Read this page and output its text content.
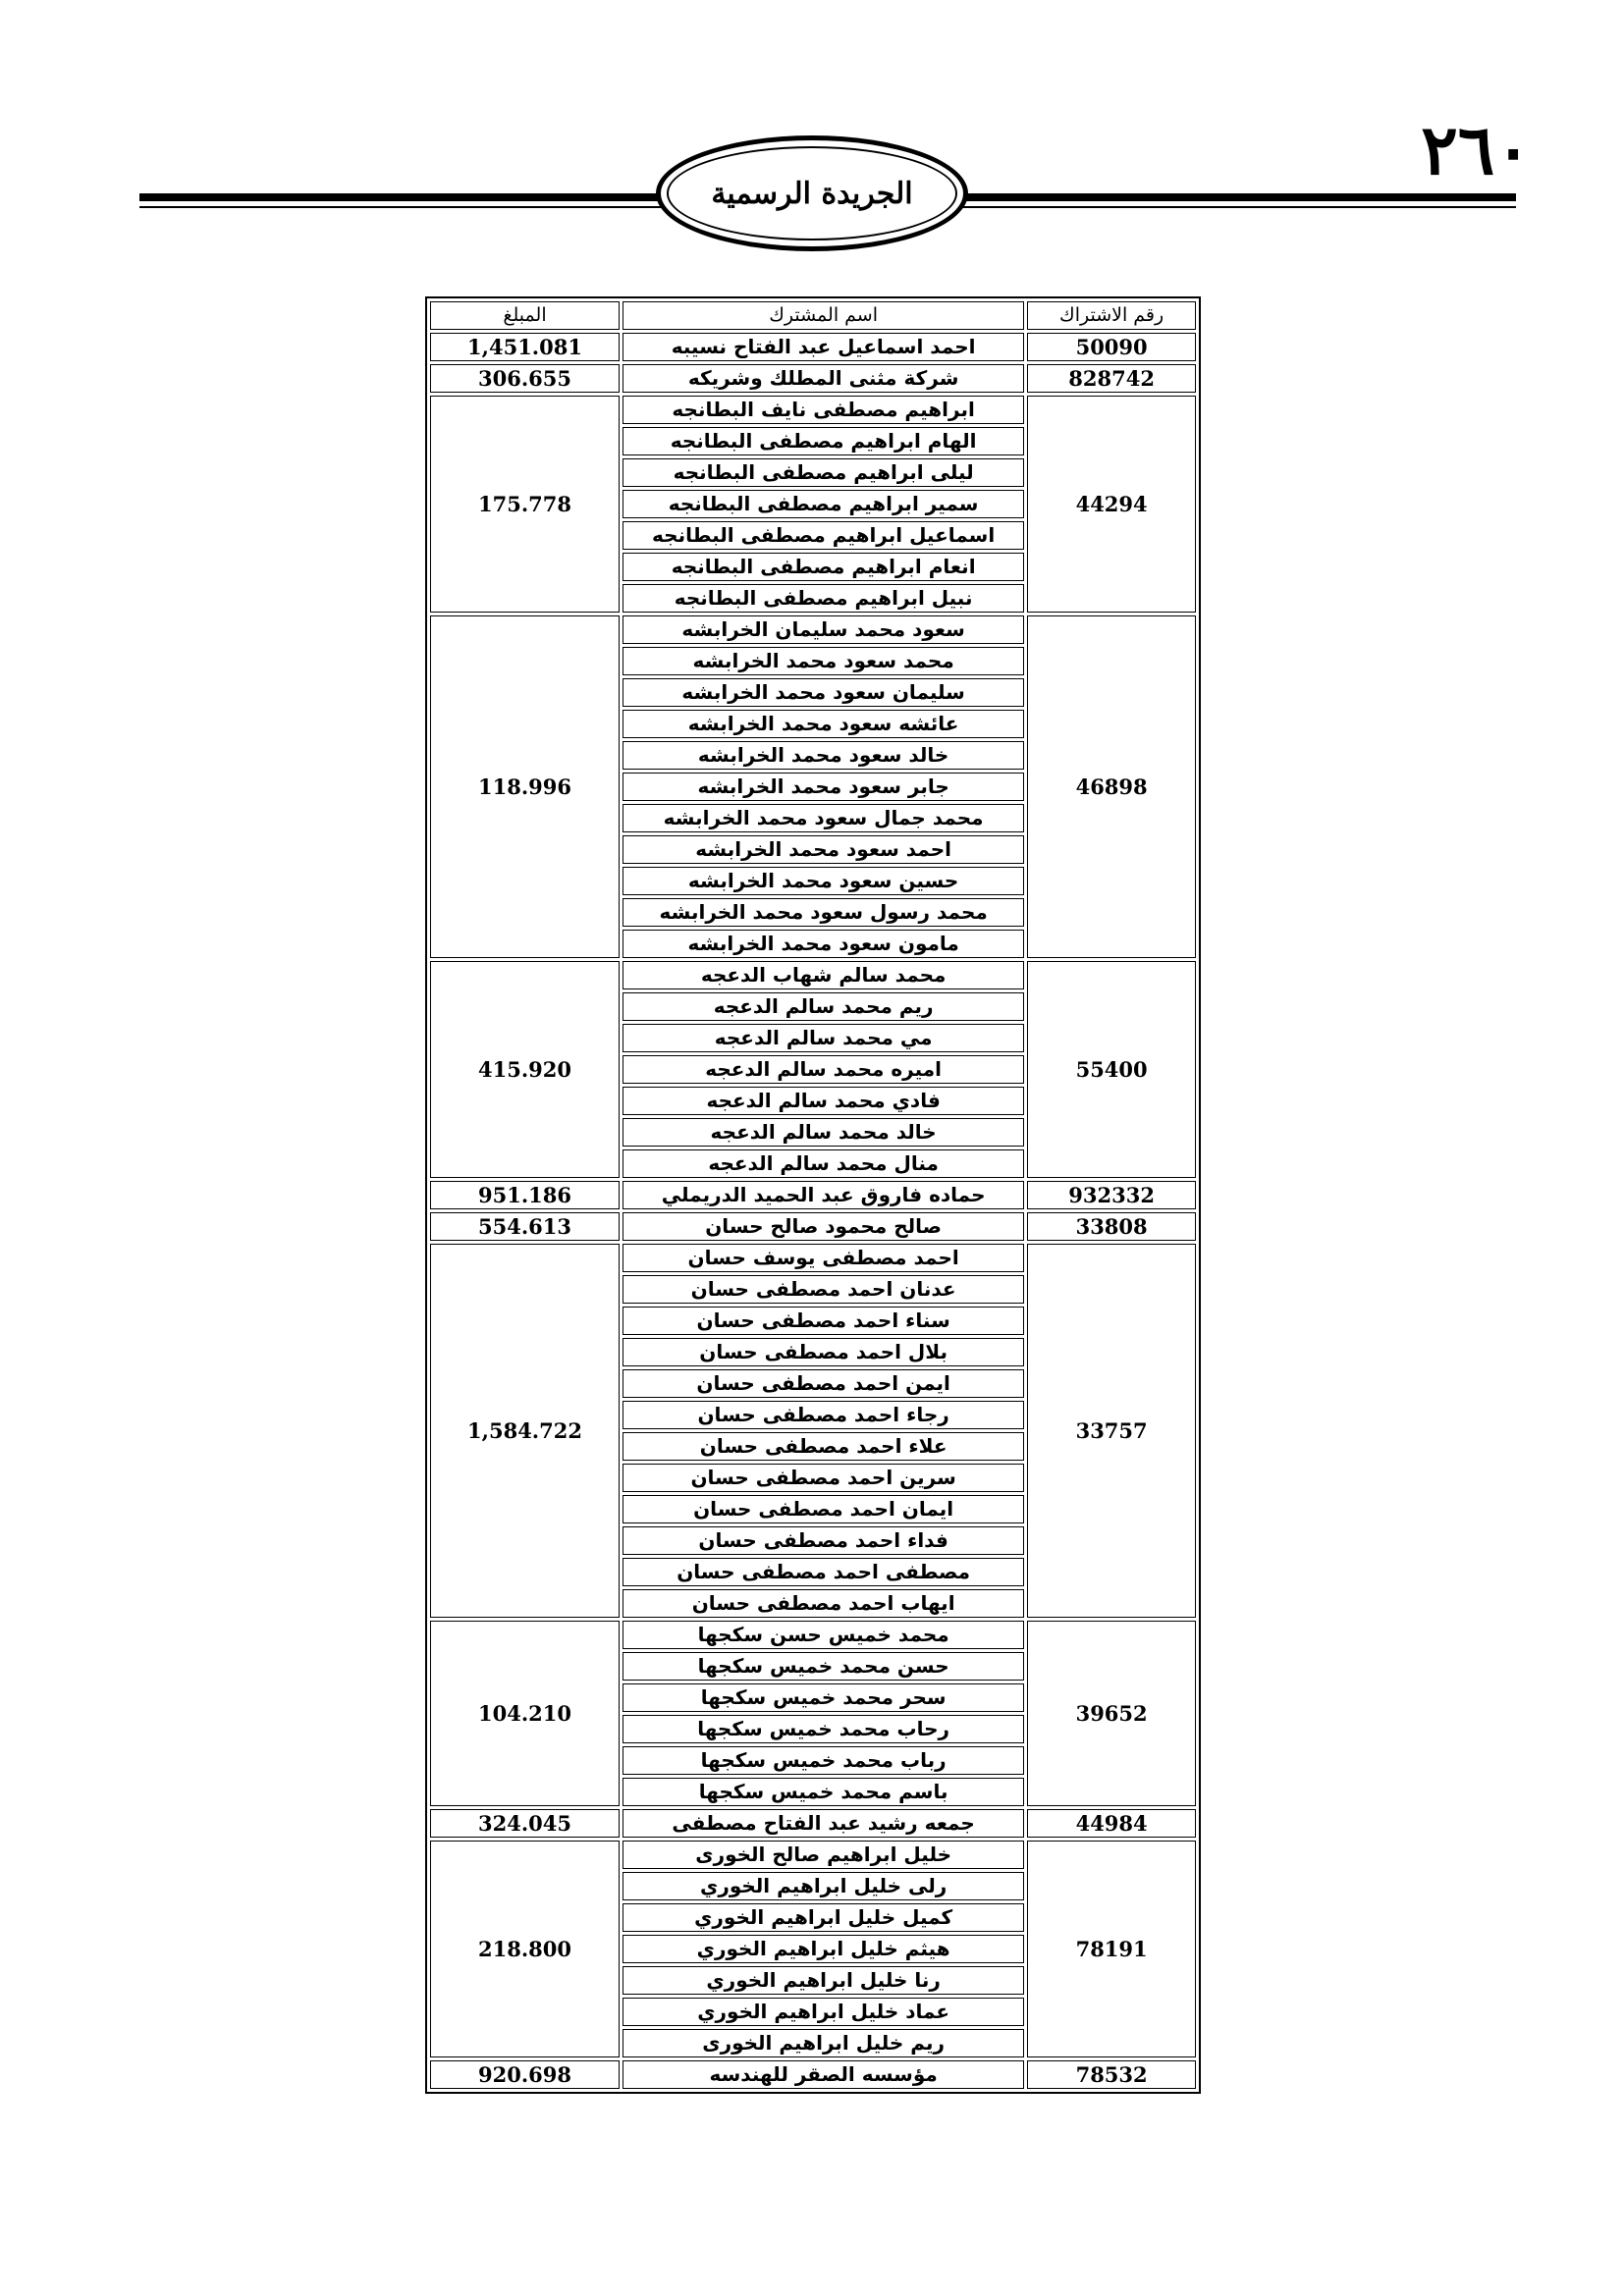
٢٦٠
الجريدة الرسمية
رقم الاشتراك	اسم المشترك	المبلغ
50090	احمد اسماعيل عبد الفتاح نسيبه	1,451.081
828742	شركة مثنى المطلك وشريكه	306.655
44294	ابراهيم مصطفى نايف البطانجه	175.778
	الهام ابراهيم مصطفى البطانجه	
	ليلى ابراهيم مصطفى البطانجه	
	سمير ابراهيم مصطفى البطانجه	
	اسماعيل ابراهيم مصطفى البطانجه	
	انعام ابراهيم مصطفى البطانجه	
	نبيل ابراهيم مصطفى البطانجه	
46898	سعود محمد سليمان الخرابشه	118.996
	محمد سعود محمد الخرابشه	
	سليمان سعود محمد الخرابشه	
	عائشه سعود محمد الخرابشه	
	خالد سعود محمد الخرابشه	
	جابر سعود محمد الخرابشه	
	محمد جمال سعود محمد الخرابشه	
	احمد سعود محمد الخرابشه	
	حسين سعود محمد الخرابشه	
	محمد رسول سعود محمد الخرابشه	
	مامون سعود محمد الخرابشه	
55400	محمد سالم شهاب الدعجه	415.920
	ريم محمد سالم الدعجه	
	مي محمد سالم الدعجه	
	اميره محمد سالم الدعجه	
	فادي محمد سالم الدعجه	
	خالد محمد سالم الدعجه	
	منال محمد سالم الدعجه	
932332	حماده فاروق عبد الحميد الدريملي	951.186
33808	صالح محمود صالح حسان	554.613
33757	احمد مصطفى يوسف حسان	1,584.722
	عدنان احمد مصطفى حسان	
	سناء احمد مصطفى حسان	
	بلال احمد مصطفى حسان	
	ايمن احمد مصطفى حسان	
	رجاء احمد مصطفى حسان	
	علاء احمد مصطفى حسان	
	سرين احمد مصطفى حسان	
	ايمان احمد مصطفى حسان	
	فداء احمد مصطفى حسان	
	مصطفى احمد مصطفى حسان	
	ايهاب احمد مصطفى حسان	
39652	محمد خميس حسن سكجها	104.210
	حسن محمد خميس سكجها	
	سحر محمد خميس سكجها	
	رحاب محمد خميس سكجها	
	رباب محمد خميس سكجها	
	باسم محمد خميس سكجها	
44984	جمعه رشيد عبد الفتاح مصطفى	324.045
78191	خليل ابراهيم صالح الخورى	218.800
	رلى خليل ابراهيم الخوري	
	كميل خليل ابراهيم الخوري	
	هيثم خليل ابراهيم الخوري	
	رنا خليل ابراهيم الخوري	
	عماد خليل ابراهيم الخوري	
	ريم خليل ابراهيم الخورى	
78532	مؤسسه الصقر للهندسه	920.698
